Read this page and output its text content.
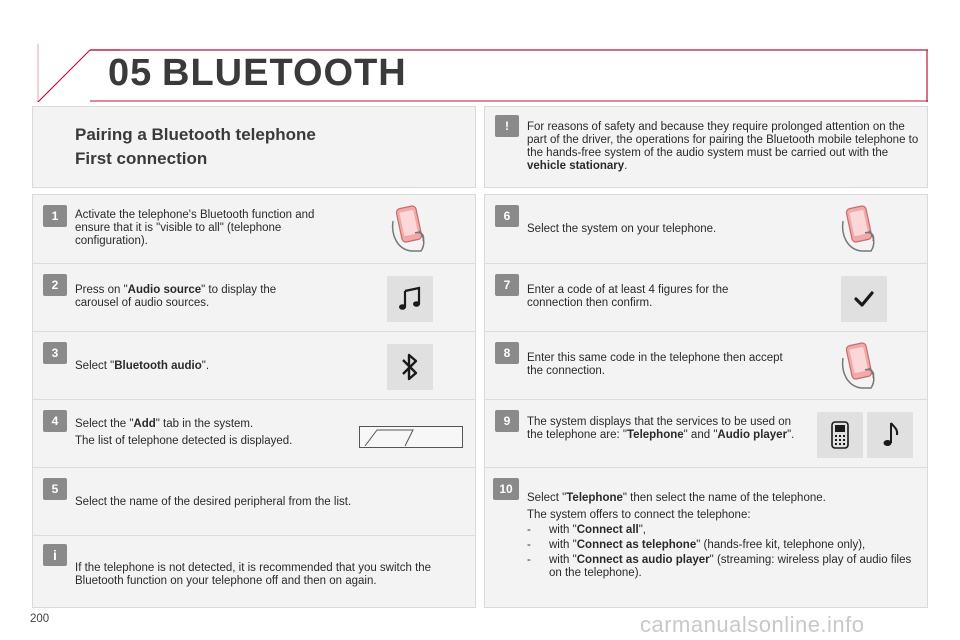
05 BLUETOOTH
Pairing a Bluetooth telephone
First connection
!	For reasons of safety and because they require prolonged attention on the part of the driver, the operations for pairing the Bluetooth mobile telephone to the hands-free system of the audio system must be carried out with the vehicle stationary.
1	Activate the telephone's Bluetooth function and ensure that it is "visible to all" (telephone configuration).
2	Press on "Audio source" to display the carousel of audio sources.
3
Select "Bluetooth audio".
4	Select the "Add" tab in the system.

The list of telephone detected is displayed.

5
Select the name of the desired peripheral from the list.
i
If the telephone is not detected, it is recommended that you switch the Bluetooth function on your telephone off and then on again.
6
Select the system on your telephone.
7	Enter a code of at least 4 figures for the connection then confirm.
8	Enter this same code in the telephone then accept the connection.
9	The system displays that the services to be used on the telephone are: "Telephone" and "Audio player".
10

Select "Telephone" then select the name of the telephone.

The system offers to connect the telephone:

- with "Connect all",
- with "Connect as telephone" (hands-free kit, telephone only),
- with "Connect as audio player" (streaming: wireless play of audio files on the telephone).
200	carmanualsonline.info
